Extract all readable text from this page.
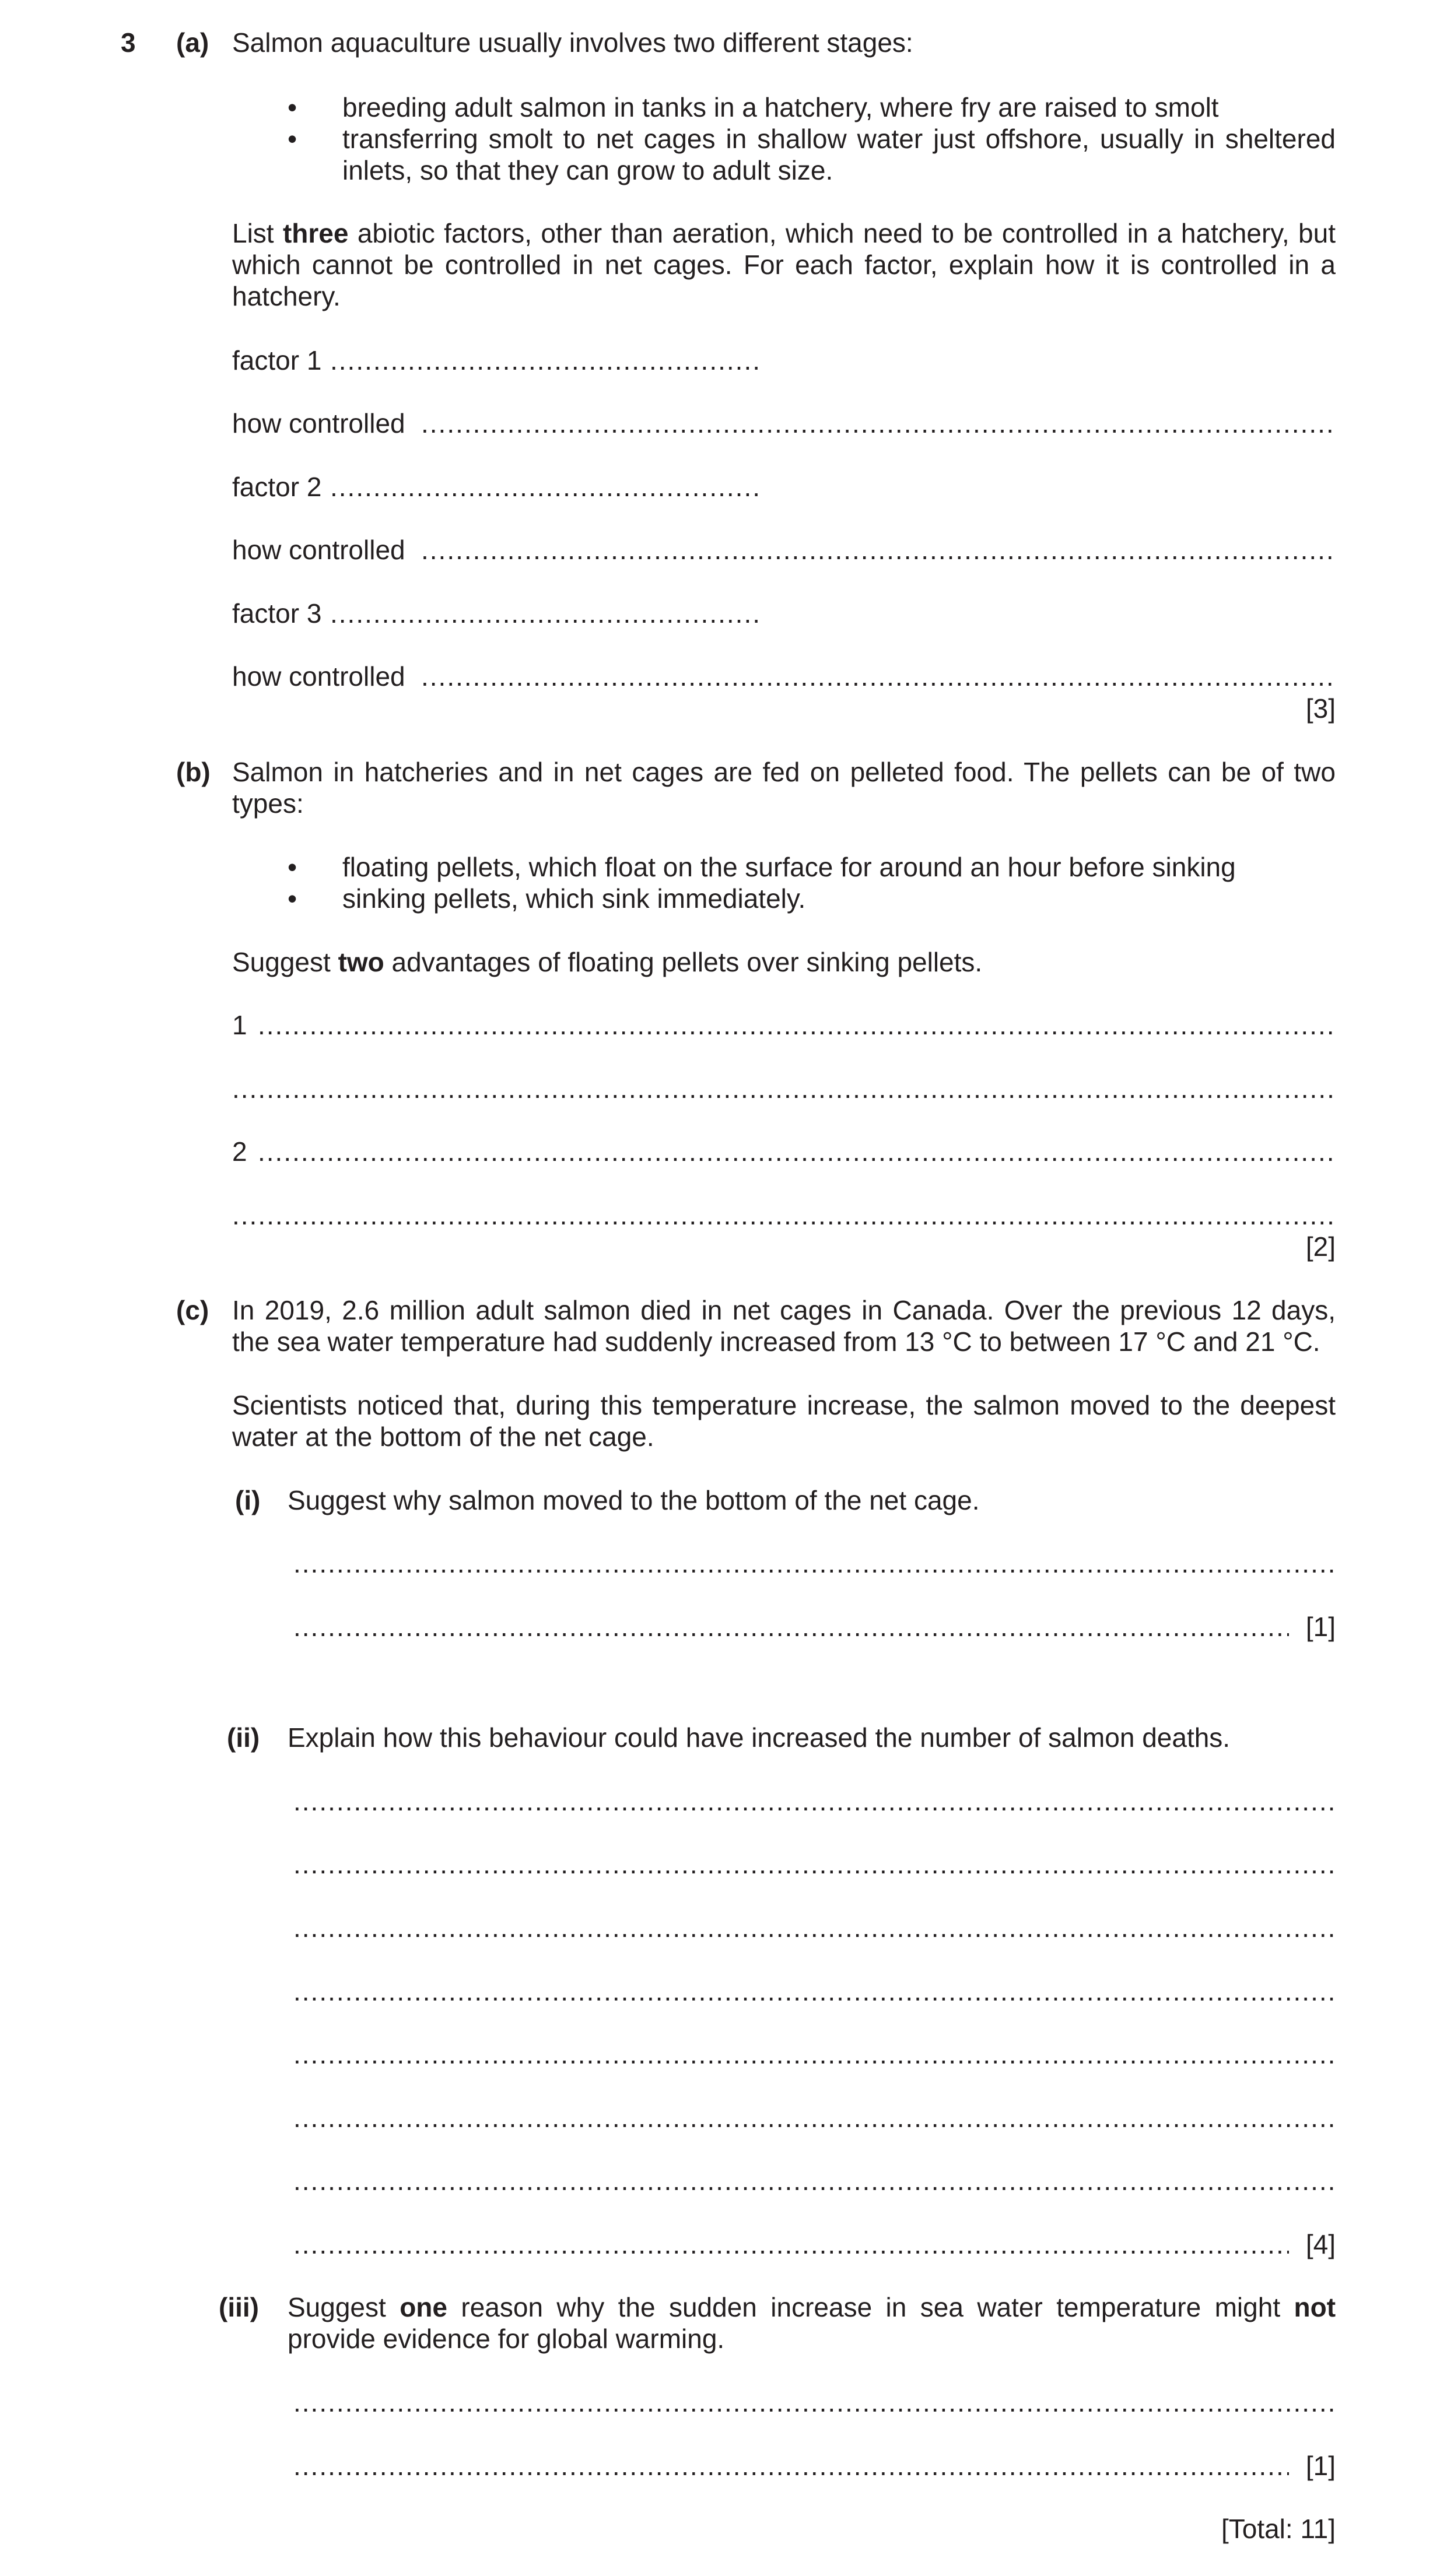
3 (a) Salmon aquaculture usually involves two different stages:
• breeding adult salmon in tanks in a hatchery, where fry are raised to smolt
• transferring smolt to net cages in shallow water just offshore, usually in sheltered inlets, so that they can grow to adult size.
List three abiotic factors, other than aeration, which need to be controlled in a hatchery, but which cannot be controlled in net cages. For each factor, explain how it is controlled in a hatchery.
factor 1
.....
how controlled
.....
factor 2
.....
how controlled
.....
factor 3
.....
how controlled
.....
[3]
(b) Salmon in hatcheries and in net cages are fed on pelleted food. The pellets can be of two types:
• floating pellets, which float on the surface for around an hour before sinking
• sinking pellets, which sink immediately.
Suggest two advantages of floating pellets over sinking pellets.
1
.....
.....
2
.....
.....
[2]
(c) In 2019, 2.6 million adult salmon died in net cages in Canada. Over the previous 12 days, the sea water temperature had suddenly increased from 13 °C to between 17 °C and 21 °C.
Scientists noticed that, during this temperature increase, the salmon moved to the deepest water at the bottom of the net cage.
(i) Suggest why salmon moved to the bottom of the net cage.
.....
.....
[1]
(ii) Explain how this behaviour could have increased the number of salmon deaths.
.....
.....
.....
.....
.....
.....
.....
.....
[4]
(iii) Suggest one reason why the sudden increase in sea water temperature might not provide evidence for global warming.
.....
.....
[1]
[Total: 11]
